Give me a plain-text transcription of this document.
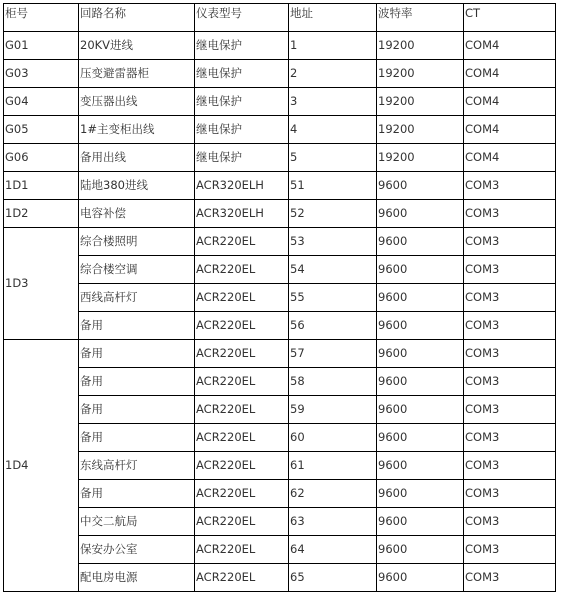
柜号	回路名称	仪表型号	地址	波特率	CT
G01	20KV进线	继电保护	1	19200	COM4
G03	压变避雷器柜	继电保护	2	19200	COM4
G04	变压器出线	继电保护	3	19200	COM4
G05	1#主变柜出线	继电保护	4	19200	COM4
G06	备用出线	继电保护	5	19200	COM4
1D1	陆地380进线	ACR320ELH	51	9600	COM3
1D2	电容补偿	ACR320ELH	52	9600	COM3
1D3	综合楼照明	ACR220EL	53	9600	COM3
	综合楼空调	ACR220EL	54	9600	COM3
	西线高杆灯	ACR220EL	55	9600	COM3
	备用	ACR220EL	56	9600	COM3
1D4	备用	ACR220EL	57	9600	COM3
	备用	ACR220EL	58	9600	COM3
	备用	ACR220EL	59	9600	COM3
	备用	ACR220EL	60	9600	COM3
	东线高杆灯	ACR220EL	61	9600	COM3
	备用	ACR220EL	62	9600	COM3
	中交二航局	ACR220EL	63	9600	COM3
	保安办公室	ACR220EL	64	9600	COM3
	配电房电源	ACR220EL	65	9600	COM3
